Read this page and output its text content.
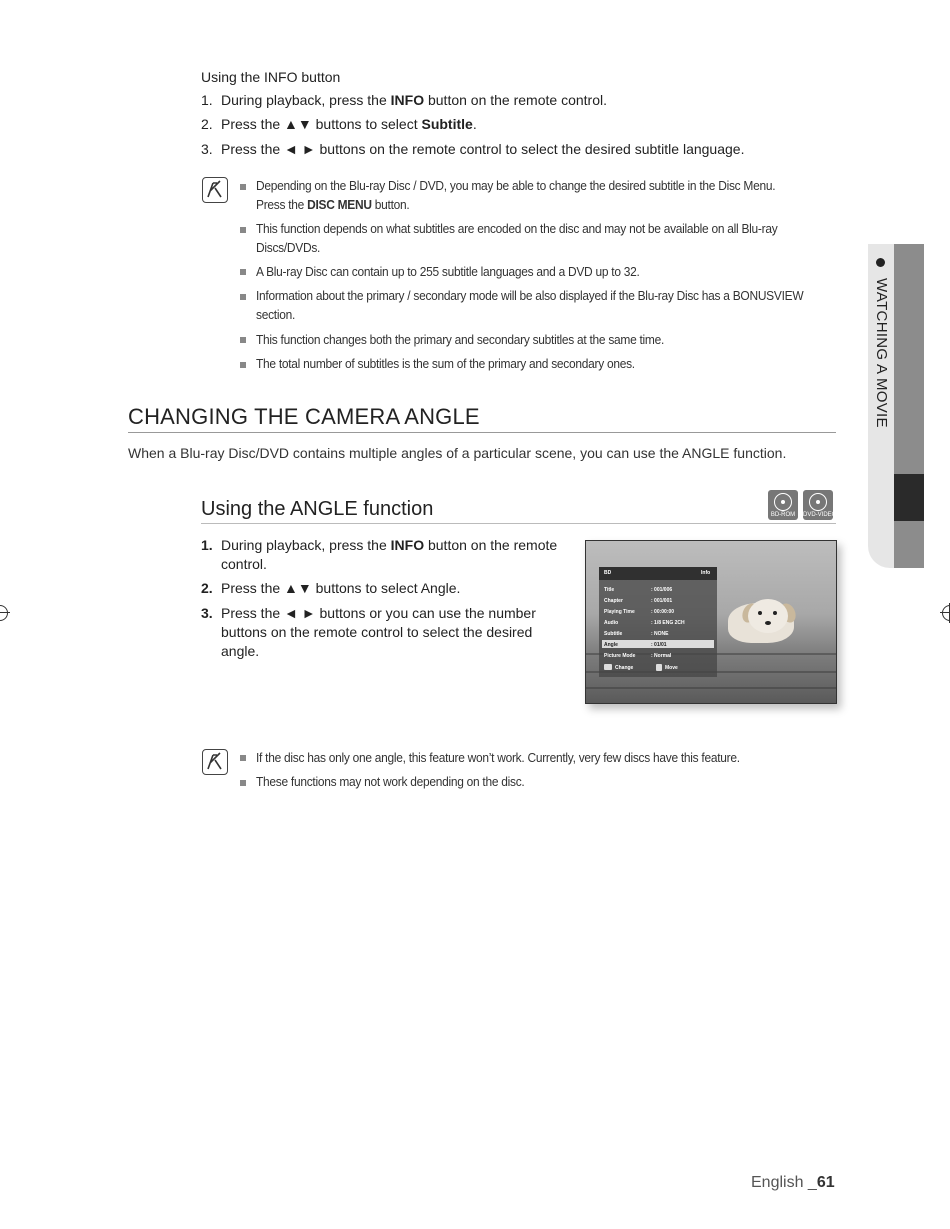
Using the INFO button
1. During playback, press the INFO button on the remote control.
2. Press the ▲▼ buttons to select Subtitle.
3. Press the ◄ ► buttons on the remote control to select the desired subtitle language.
Depending on the Blu-ray Disc / DVD, you may be able to change the desired subtitle in the Disc Menu.
Press the DISC MENU button.
This function depends on what subtitles are encoded on the disc and may not be available on all Blu-ray
Discs/DVDs.
A Blu-ray Disc can contain up to 255 subtitle languages and a DVD up to 32.
Information about the primary / secondary mode will be also displayed if the Blu-ray Disc has a BONUSVIEW
section.
This function changes both the primary and secondary subtitles at the same time.
The total number of subtitles is the sum of the primary and secondary ones.
CHANGING THE CAMERA ANGLE
When a Blu-ray Disc/DVD contains multiple angles of a particular scene, you can use the ANGLE function.
Using the ANGLE function	BD-ROM	DVD-VIDEO
1. During playback, press the INFO button on the remote
control.
2. Press the ▲▼ buttons to select Angle.
3. Press the ◄ ► buttons or you can use the number
buttons on the remote control to select the desired
angle.
BD	Info
Title	: 001/006
Chapter	: 001/001
Playing Time	: 00:00:00
Audio	: 1/8 ENG 2CH
Subtitle	: NONE
Angle	: 01/01
Picture Mode	: Normal
Change	Move
If the disc has only one angle, this feature won’t work. Currently, very few discs have this feature.
These functions may not work depending on the disc.
WATCHING A MOVIE
English _61
